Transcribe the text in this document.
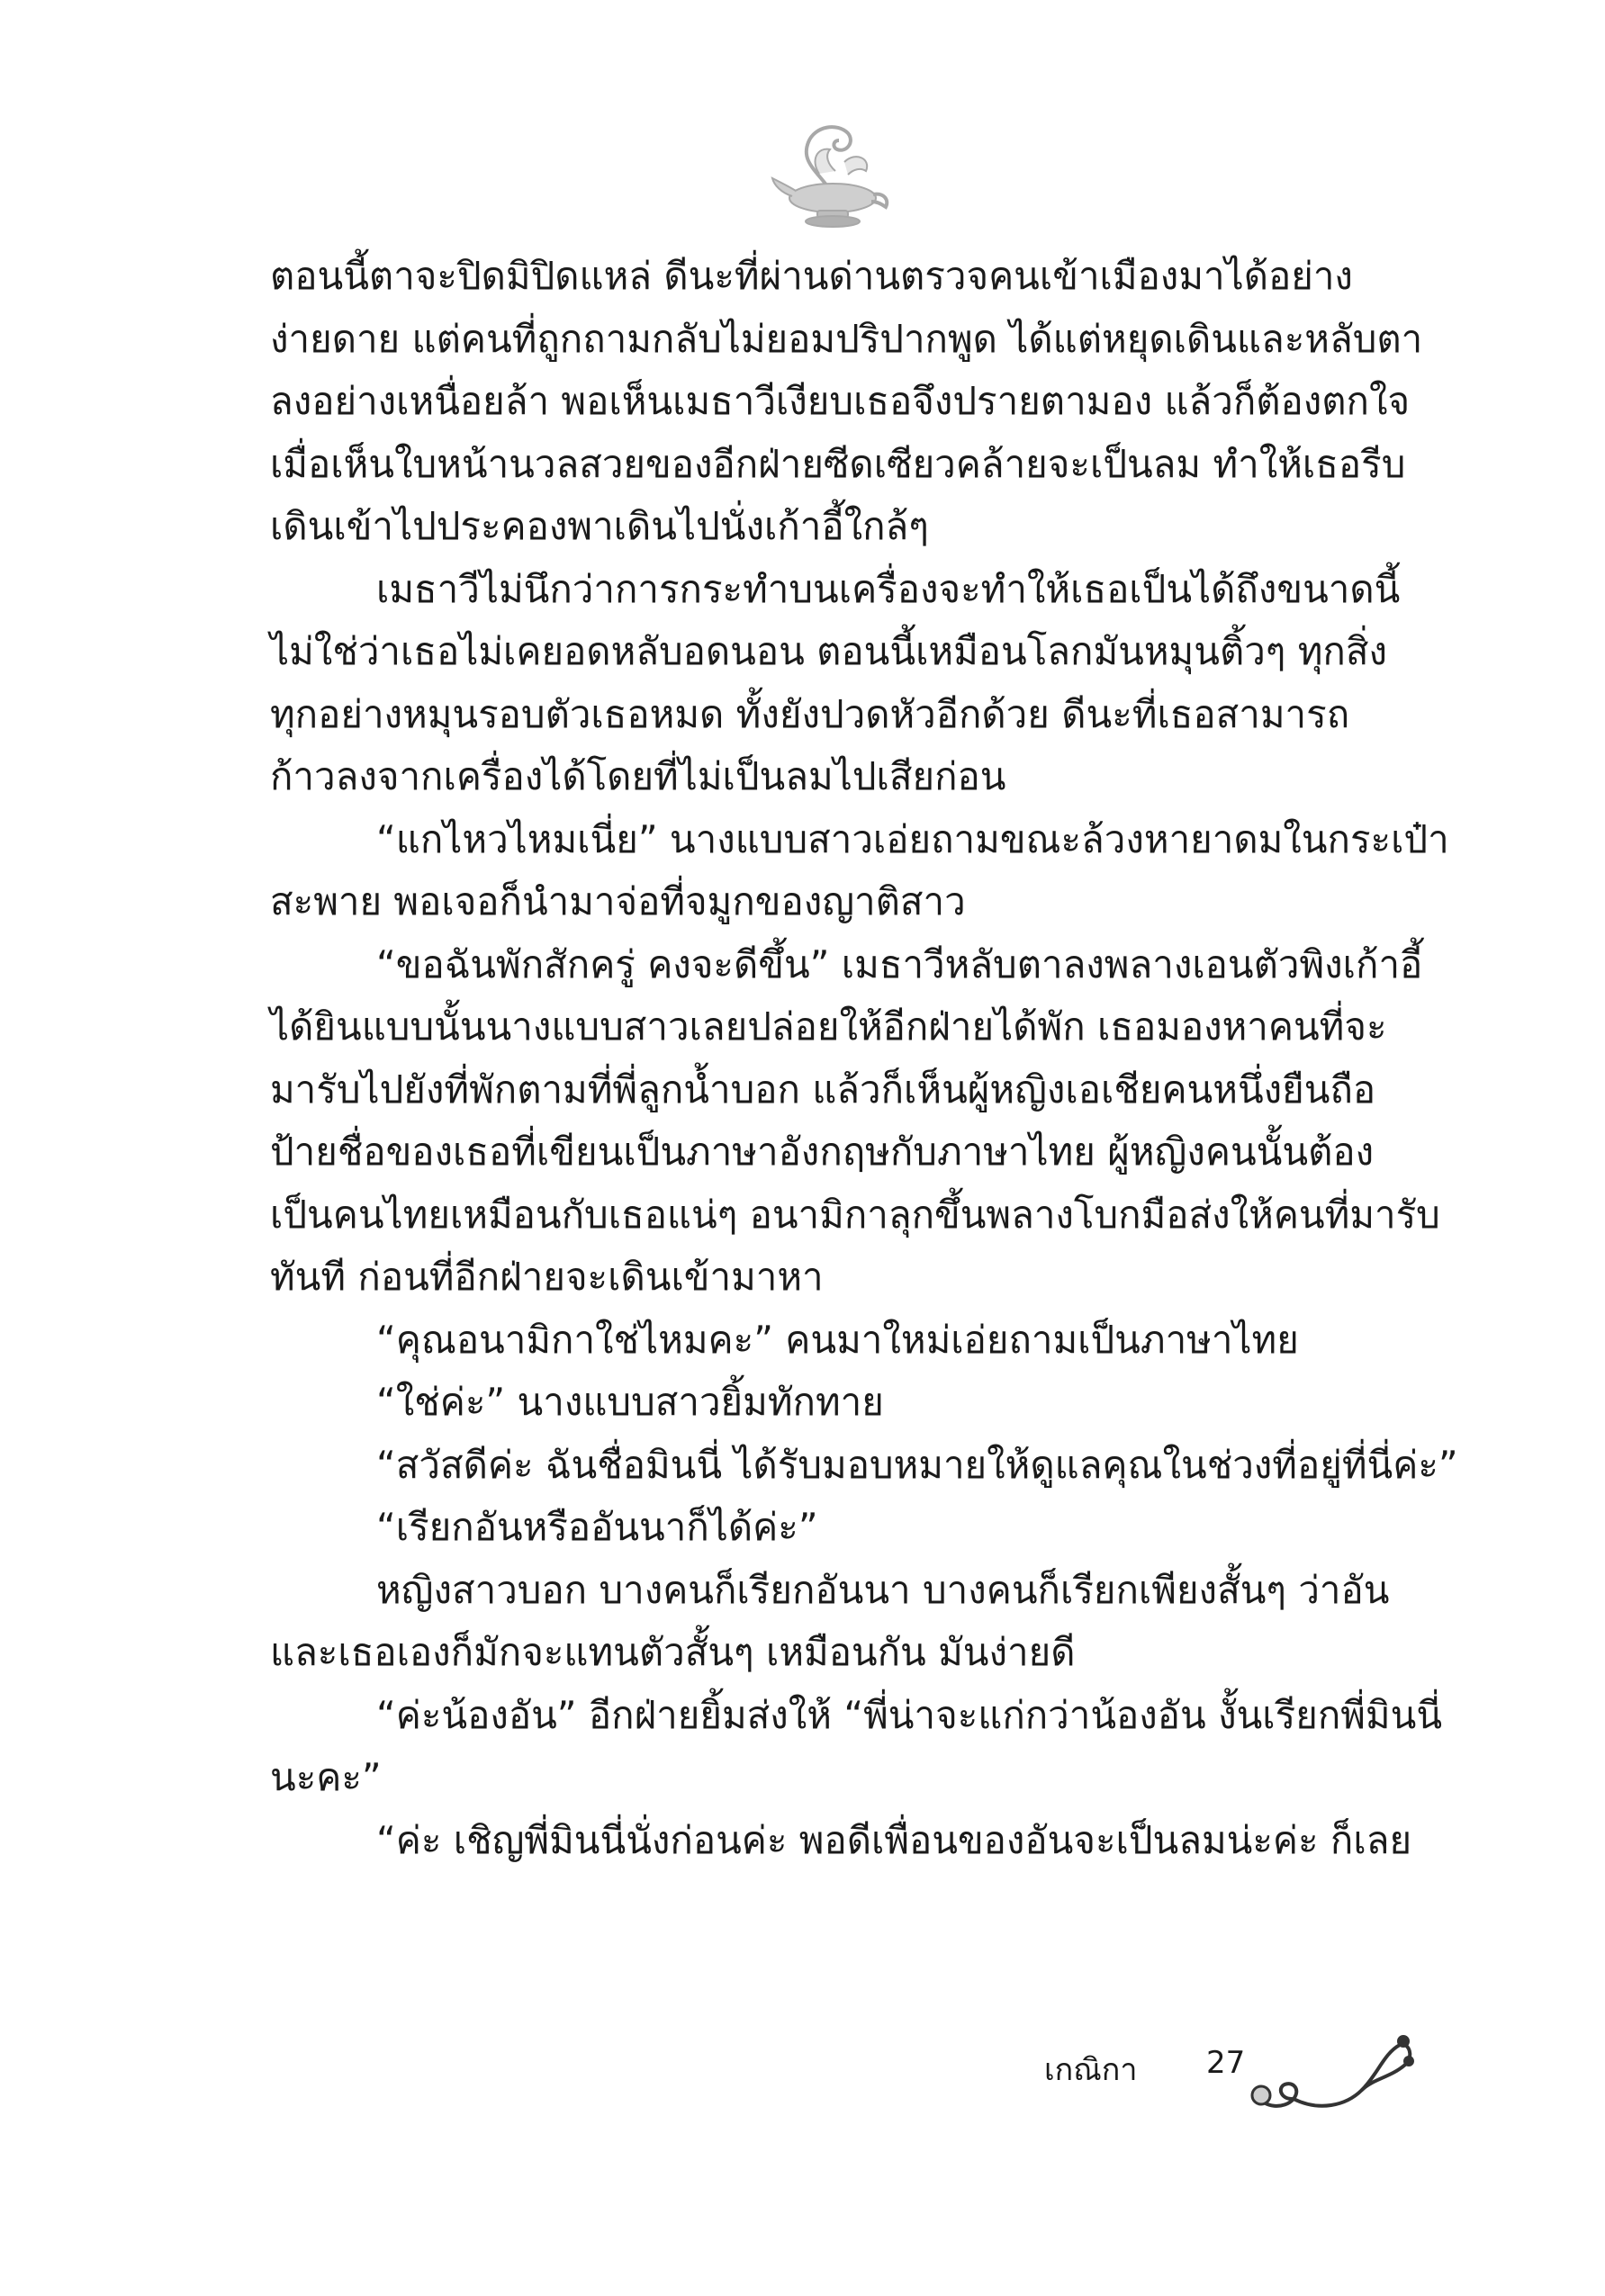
ตอนนี้ตาจะปิดมิปิดแหล่ ดีนะที่ผ่านด่านตรวจคนเข้าเมืองมาได้อย่าง

ง่ายดาย แต่คนที่ถูกถามกลับไม่ยอมปริปากพูด ได้แต่หยุดเดินและหลับตา

ลงอย่างเหนื่อยล้า พอเห็นเมธาวีเงียบเธอจึงปรายตามอง แล้วก็ต้องตกใจ

เมื่อเห็นใบหน้านวลสวยของอีกฝ่ายซีดเซียวคล้ายจะเป็นลม ทำให้เธอรีบ

เดินเข้าไปประคองพาเดินไปนั่งเก้าอี้ใกล้ๆ

เมธาวีไม่นึกว่าการกระทำบนเครื่องจะทำให้เธอเป็นได้ถึงขนาดนี้

ไม่ใช่ว่าเธอไม่เคยอดหลับอดนอน ตอนนี้เหมือนโลกมันหมุนติ้วๆ ทุกสิ่ง

ทุกอย่างหมุนรอบตัวเธอหมด ทั้งยังปวดหัวอีกด้วย ดีนะที่เธอสามารถ

ก้าวลงจากเครื่องได้โดยที่ไม่เป็นลมไปเสียก่อน

“แกไหวไหมเนี่ย” นางแบบสาวเอ่ยถามขณะล้วงหายาดมในกระเป๋า

สะพาย พอเจอก็นำมาจ่อที่จมูกของญาติสาว

“ขอฉันพักสักครู่ คงจะดีขึ้น” เมธาวีหลับตาลงพลางเอนตัวพิงเก้าอี้

ได้ยินแบบนั้นนางแบบสาวเลยปล่อยให้อีกฝ่ายได้พัก เธอมองหาคนที่จะ

มารับไปยังที่พักตามที่พี่ลูกน้ำบอก แล้วก็เห็นผู้หญิงเอเชียคนหนึ่งยืนถือ

ป้ายชื่อของเธอที่เขียนเป็นภาษาอังกฤษกับภาษาไทย ผู้หญิงคนนั้นต้อง

เป็นคนไทยเหมือนกับเธอแน่ๆ อนามิกาลุกขึ้นพลางโบกมือส่งให้คนที่มารับ

ทันที ก่อนที่อีกฝ่ายจะเดินเข้ามาหา

“คุณอนามิกาใช่ไหมคะ” คนมาใหม่เอ่ยถามเป็นภาษาไทย

“ใช่ค่ะ” นางแบบสาวยิ้มทักทาย

“สวัสดีค่ะ ฉันชื่อมินนี่ ได้รับมอบหมายให้ดูแลคุณในช่วงที่อยู่ที่นี่ค่ะ”

“เรียกอันหรืออันนาก็ได้ค่ะ”

หญิงสาวบอก บางคนก็เรียกอันนา บางคนก็เรียกเพียงสั้นๆ ว่าอัน

และเธอเองก็มักจะแทนตัวสั้นๆ เหมือนกัน มันง่ายดี

“ค่ะน้องอัน” อีกฝ่ายยิ้มส่งให้ “พี่น่าจะแก่กว่าน้องอัน งั้นเรียกพี่มินนี่

นะคะ”

“ค่ะ เชิญพี่มินนี่นั่งก่อนค่ะ พอดีเพื่อนของอันจะเป็นลมน่ะค่ะ ก็เลย

เกณิกา 27
